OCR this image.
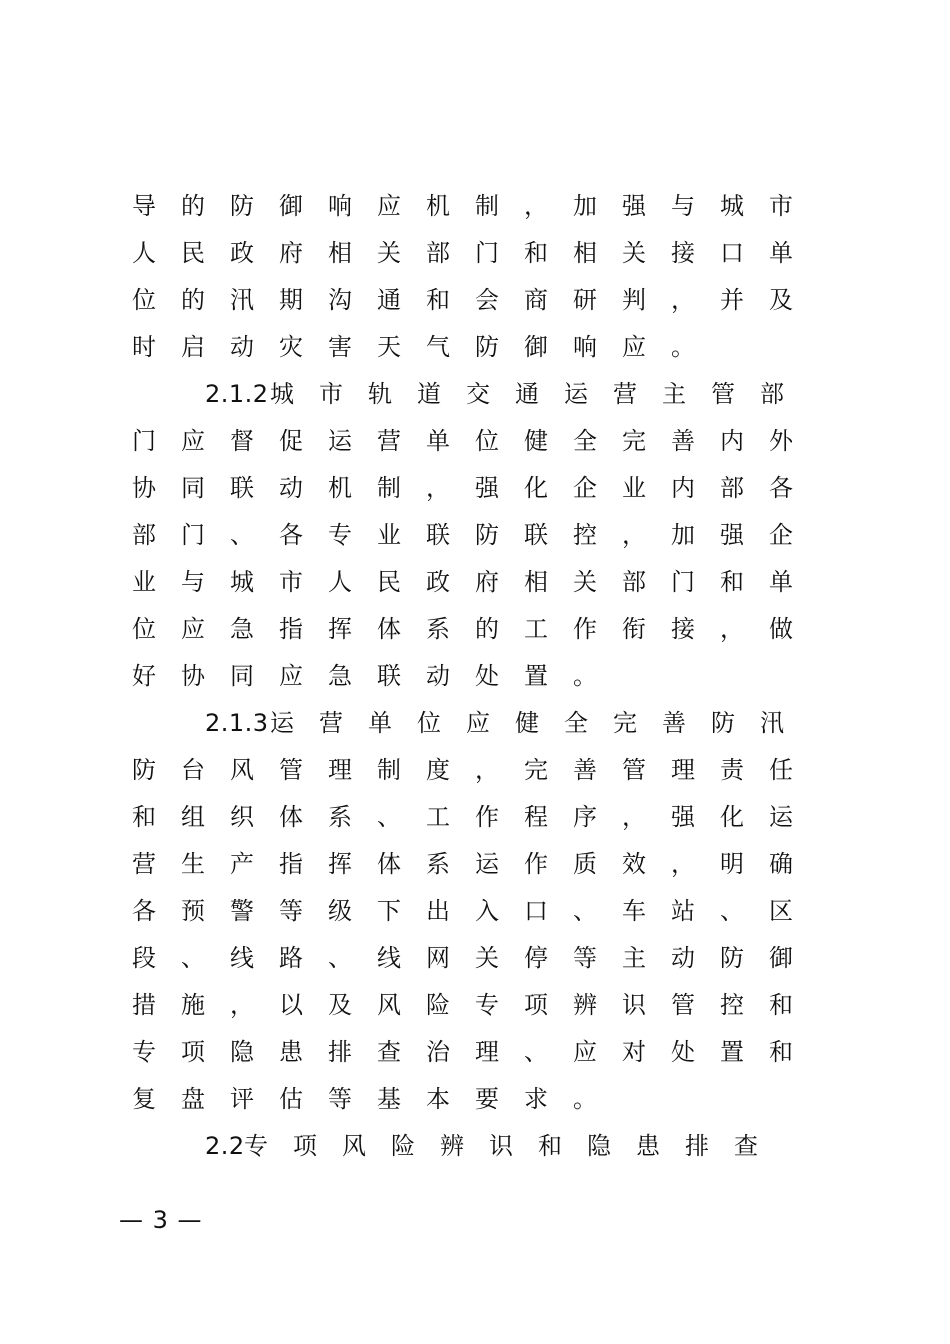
导	的	防	御	响	应	机	制	，	加	强	与	城	市
人	民	政	府	相	关	部	门	和	相	关	接	口	单
位	的	汛	期	沟	通	和	会	商	研	判	，	并	及
时	启	动	灾	害	天	气	防	御	响	应	。
2.1.2 城	市	轨	道	交	通	运	营	主	管	部
门	应	督	促	运	营	单	位	健	全	完	善	内	外
协	同	联	动	机	制	，	强	化	企	业	内	部	各
部	门	、	各	专	业	联	防	联	控	，	加	强	企
业	与	城	市	人	民	政	府	相	关	部	门	和	单
位	应	急	指	挥	体	系	的	工	作	衔	接	，	做
好	协	同	应	急	联	动	处	置	。
2.1.3 运	营	单	位	应	健	全	完	善	防	汛
防	台	风	管	理	制	度	，	完	善	管	理	责	任
和	组	织	体	系	、	工	作	程	序	，	强	化	运
营	生	产	指	挥	体	系	运	作	质	效	，	明	确
各	预	警	等	级	下	出	入	口	、	车	站	、	区
段	、	线	路	、	线	网	关	停	等	主	动	防	御
措	施	，	以	及	风	险	专	项	辨	识	管	控	和
专	项	隐	患	排	查	治	理	、	应	对	处	置	和
复	盘	评	估	等	基	本	要	求	。
2.2 专	项	风	险	辨	识	和	隐	患	排	查
— 3 —
